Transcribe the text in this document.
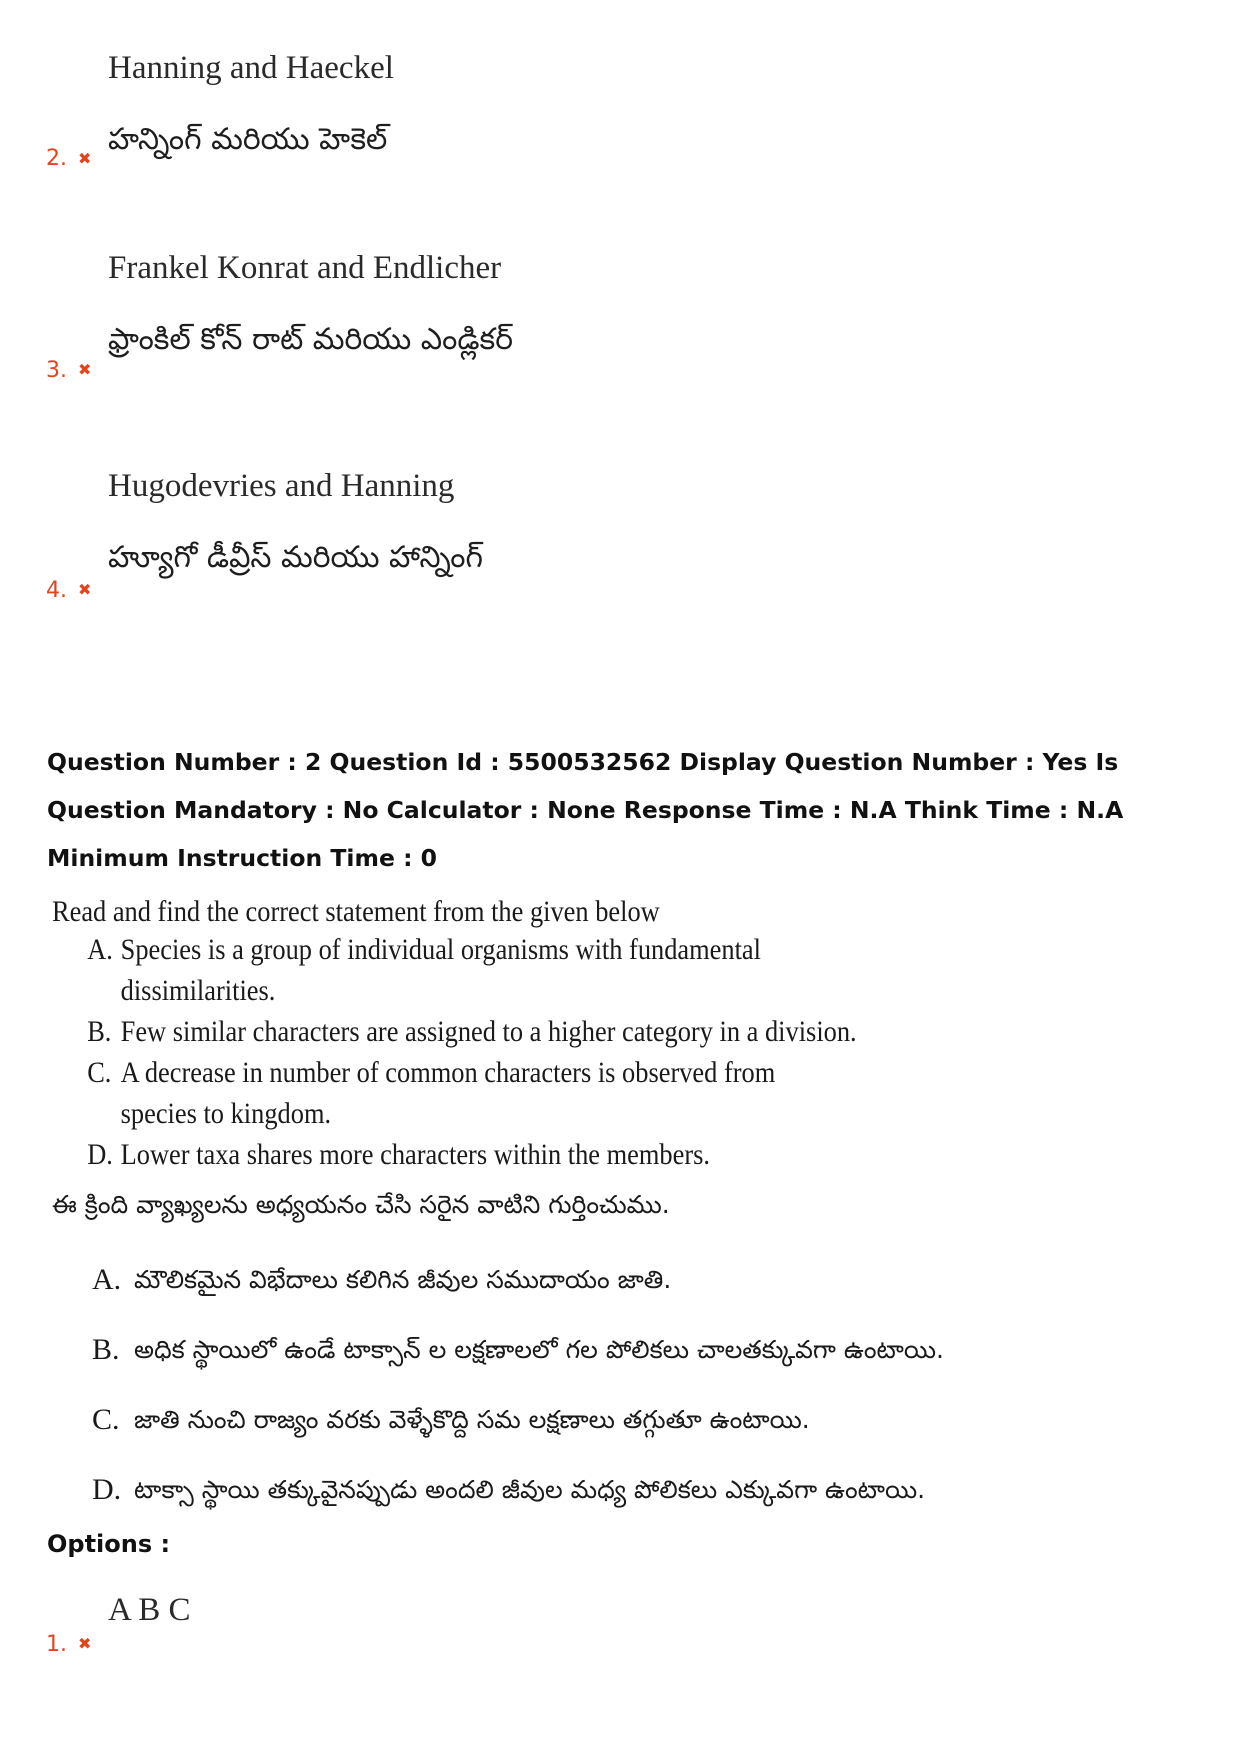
Hanning and Haeckel
హన్నింగ్ మరియు హెకెల్
2. ✖
Frankel Konrat and Endlicher
ఫ్రాంకిల్ కోన్ రాట్ మరియు ఎండ్లికర్
3. ✖
Hugodevries and Hanning
హ్యూగో డీవ్రీస్ మరియు హాన్నింగ్
4. ✖
Question Number : 2 Question Id : 5500532562 Display Question Number : Yes Is Question Mandatory : No Calculator : None Response Time : N.A Think Time : N.A Minimum Instruction Time : 0
Read and find the correct statement from the given below
A. Species is a group of individual organisms with fundamental dissimilarities.
B. Few similar characters are assigned to a higher category in a division.
C. A decrease in number of common characters is observed from species to kingdom.
D. Lower taxa shares more characters within the members.
ఈ క్రింది వ్యాఖ్యలను అధ్యయనం చేసి సరైన వాటిని గుర్తించుము.
A. మౌలికమైన విభేదాలు కలిగిన జీవుల సముదాయం జాతి.
B. అధిక స్థాయిలో ఉండే టాక్సాన్ ల లక్షణాలలో గల పోలికలు చాలతక్కువగా ఉంటాయి.
C. జాతి నుంచి రాజ్యం వరకు వెళ్ళేకొద్ది సమ లక్షణాలు తగ్గుతూ ఉంటాయి.
D. టాక్సా స్థాయి తక్కువైనప్పుడు అందలి జీవుల మధ్య పోలికలు ఎక్కువగా ఉంటాయి.
Options :
A B C
1. ✖
